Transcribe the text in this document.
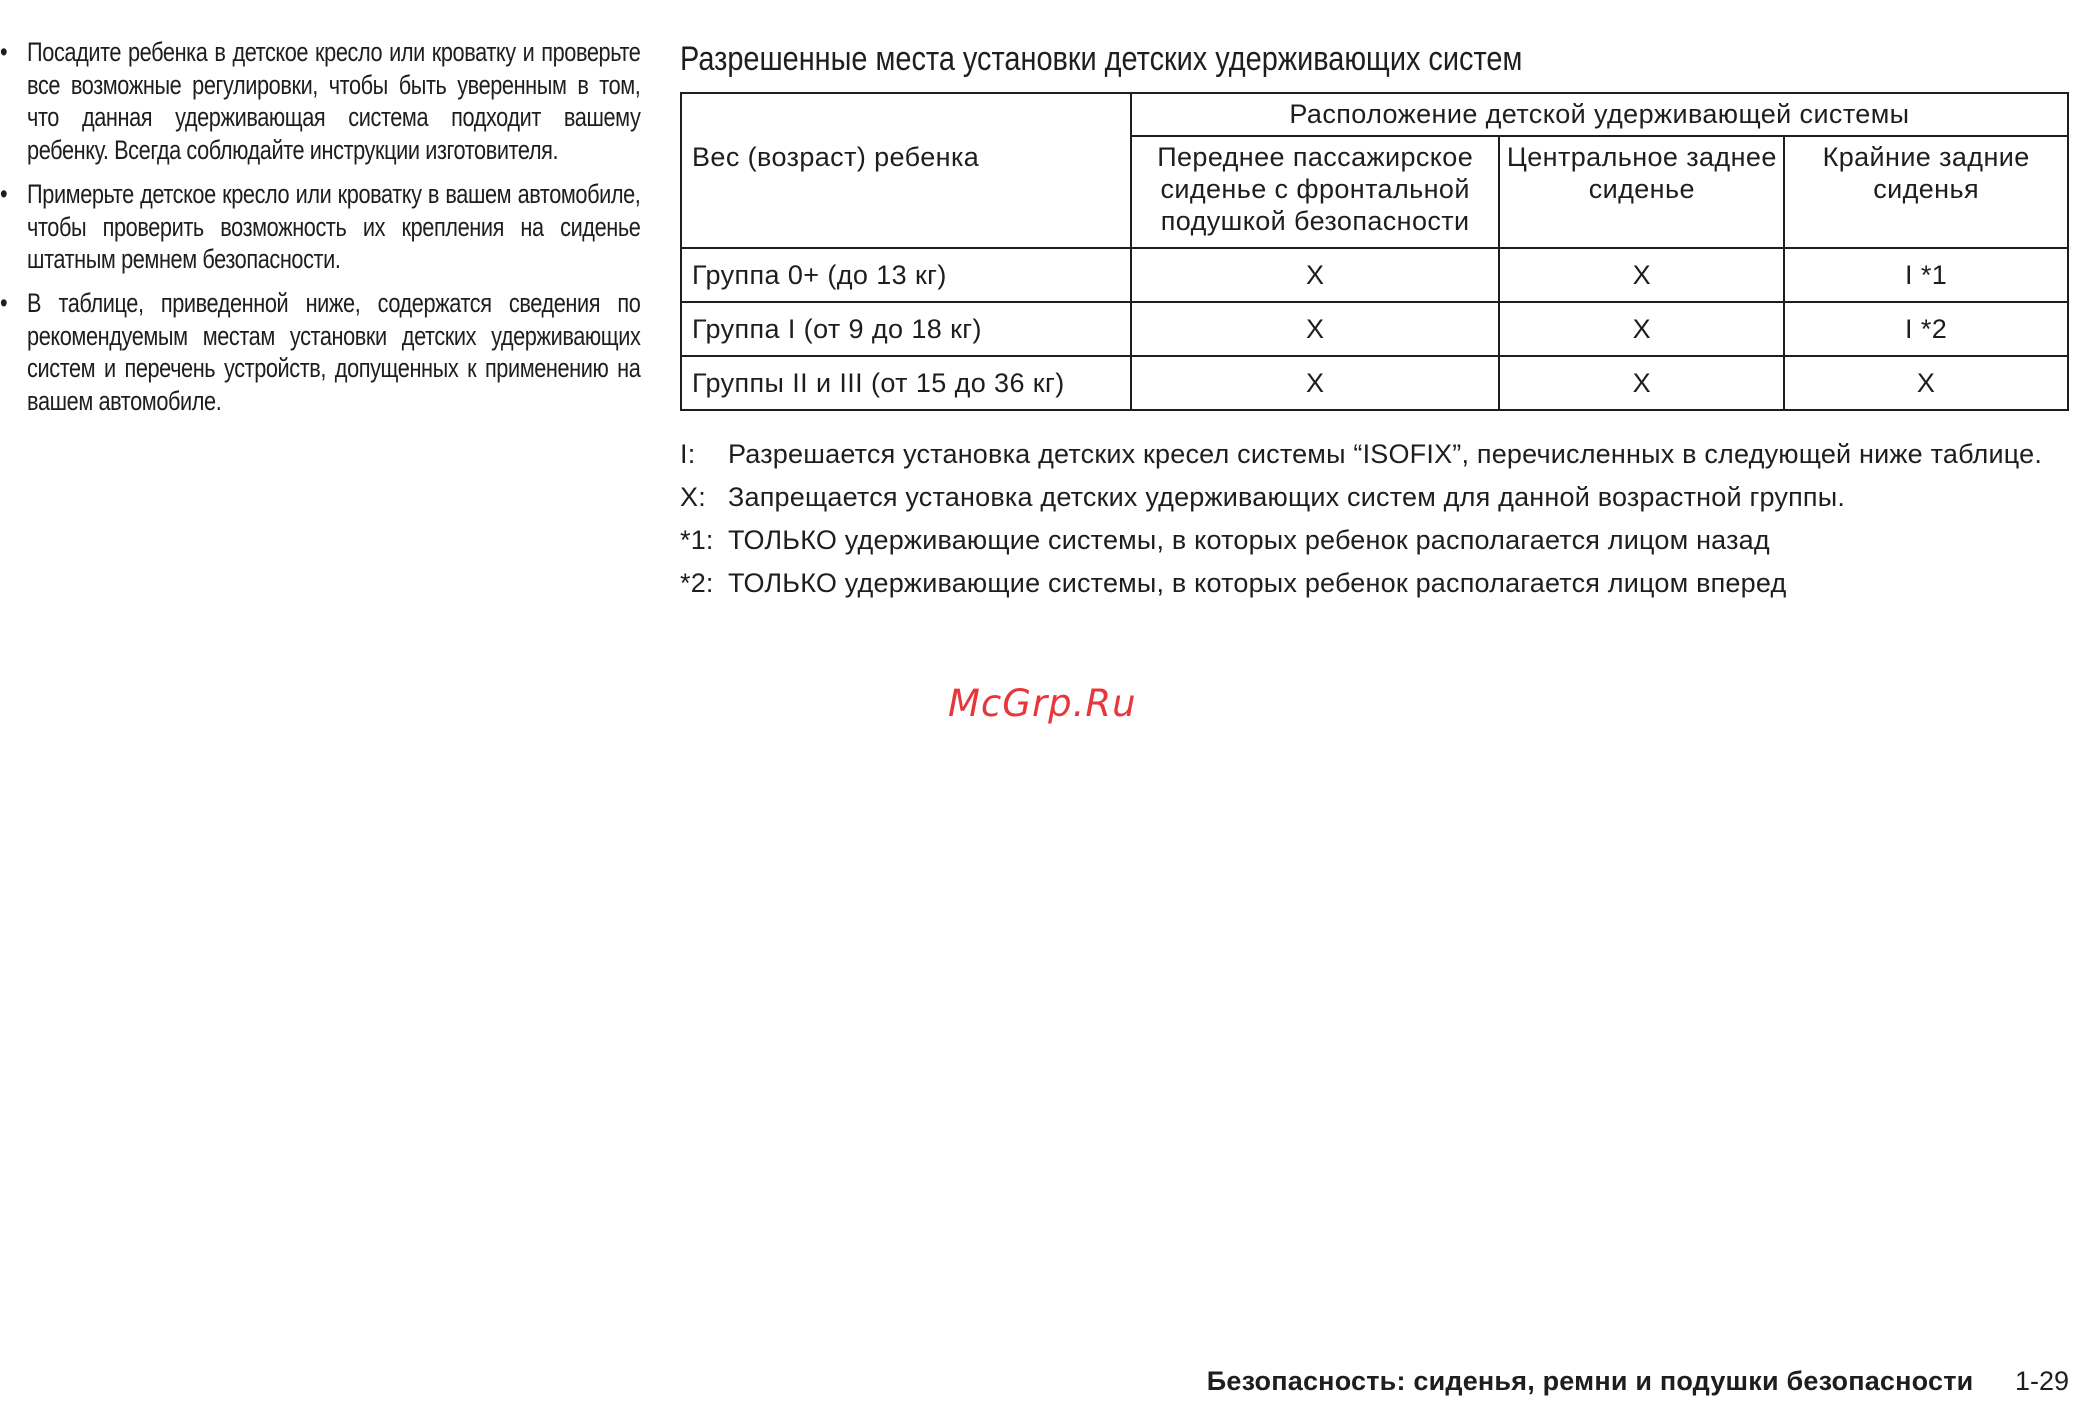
• Посадите ребенка в детское кресло или кроватку и проверьте все возможные регулировки, чтобы быть уверенным в том, что данная удерживающая система подходит вашему ребенку. Всегда соблюдайте инструкции изготовителя.
• Примерьте детское кресло или кроватку в вашем автомобиле, чтобы проверить возможность их крепления на сиденье штатным ремнем безопасности.
• В таблице, приведенной ниже, содержатся сведения по рекомендуемым местам установки детских удерживающих систем и перечень устройств, допущенных к применению на вашем автомобиле.
Разрешенные места установки детских удерживающих систем
Вес (возраст) ребенка	Расположение детской удерживающей системы		
	Переднее пассажирское сиденье с фронтальной подушкой безопасности	Центральное заднее сиденье	Крайние задние сиденья
Группа 0+ (до 13 кг)	X	X	I *1
Группа I (от 9 до 18 кг)	X	X	I *2
Группы II и III (от 15 до 36 кг)	X	X	X
I:	Разрешается установка детских кресел системы “ISOFIX”, перечисленных в следующей ниже таблице.
X: Запрещается установка детских удерживающих систем для данной возрастной группы.
*1: ТОЛЬКО удерживающие системы, в которых ребенок располагается лицом назад
*2: ТОЛЬКО удерживающие системы, в которых ребенок располагается лицом вперед
McGrp.Ru
Безопасность: сиденья, ремни и подушки безопасности 1-29
